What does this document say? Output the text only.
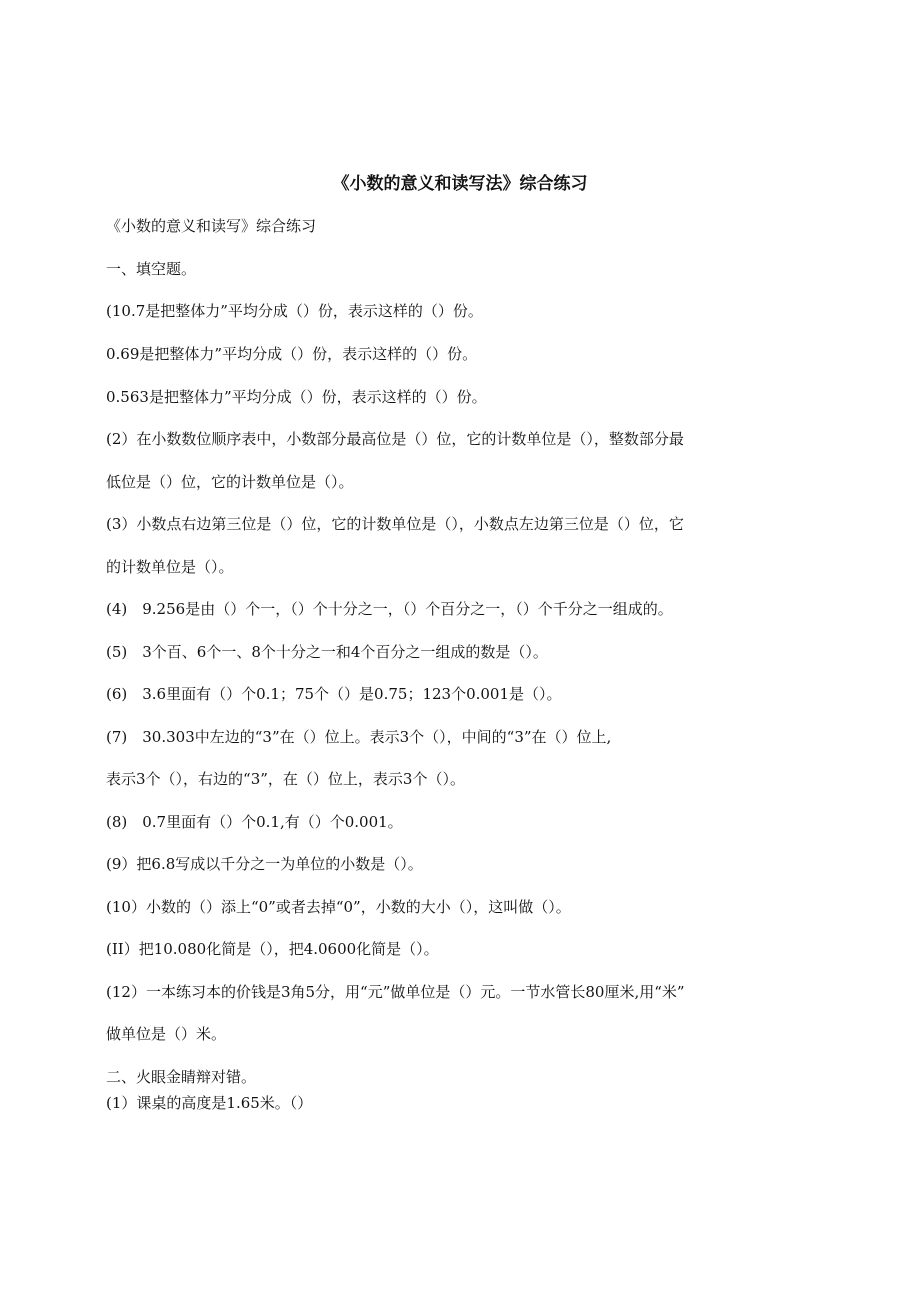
《小数的意义和读写法》综合练习
《小数的意义和读写》综合练习
一、填空题。
(10.7是把整体力”平均分成（）份，表示这样的（）份。
0.69是把整体力”平均分成（）份，表示这样的（）份。
0.563是把整体力”平均分成（）份，表示这样的（）份。
(2）在小数数位顺序表中，小数部分最高位是（）位，它的计数单位是（），整数部分最
低位是（）位，它的计数单位是（）。
(3）小数点右边第三位是（）位，它的计数单位是（），小数点左边第三位是（）位，它
的计数单位是（）。
(4)　9.256是由（）个一，（）个十分之一，（）个百分之一，（）个千分之一组成的。
(5)　3个百、6个一、8个十分之一和4个百分之一组成的数是（）。
(6)　3.6里面有（）个0.1；75个（）是0.75；123个0.001是（）。
(7)　30.303中左边的“3”在（）位上。表示3个（），中间的“3”在（）位上,
表示3个（），右边的“3”，在（）位上，表示3个（）。
(8)　0.7里面有（）个0.1,有（）个0.001。
(9）把6.8写成以千分之一为单位的小数是（）。
(10）小数的（）添上“0”或者去掉“0”，小数的大小（），这叫做（）。
(II）把10.080化简是（），把4.0600化简是（）。
(12）一本练习本的价钱是3角5分，用“元”做单位是（）元。一节水管长80厘米,用“米”
做单位是（）米。
二、火眼金睛辩对错。
(1）课桌的高度是1.65米。（）
